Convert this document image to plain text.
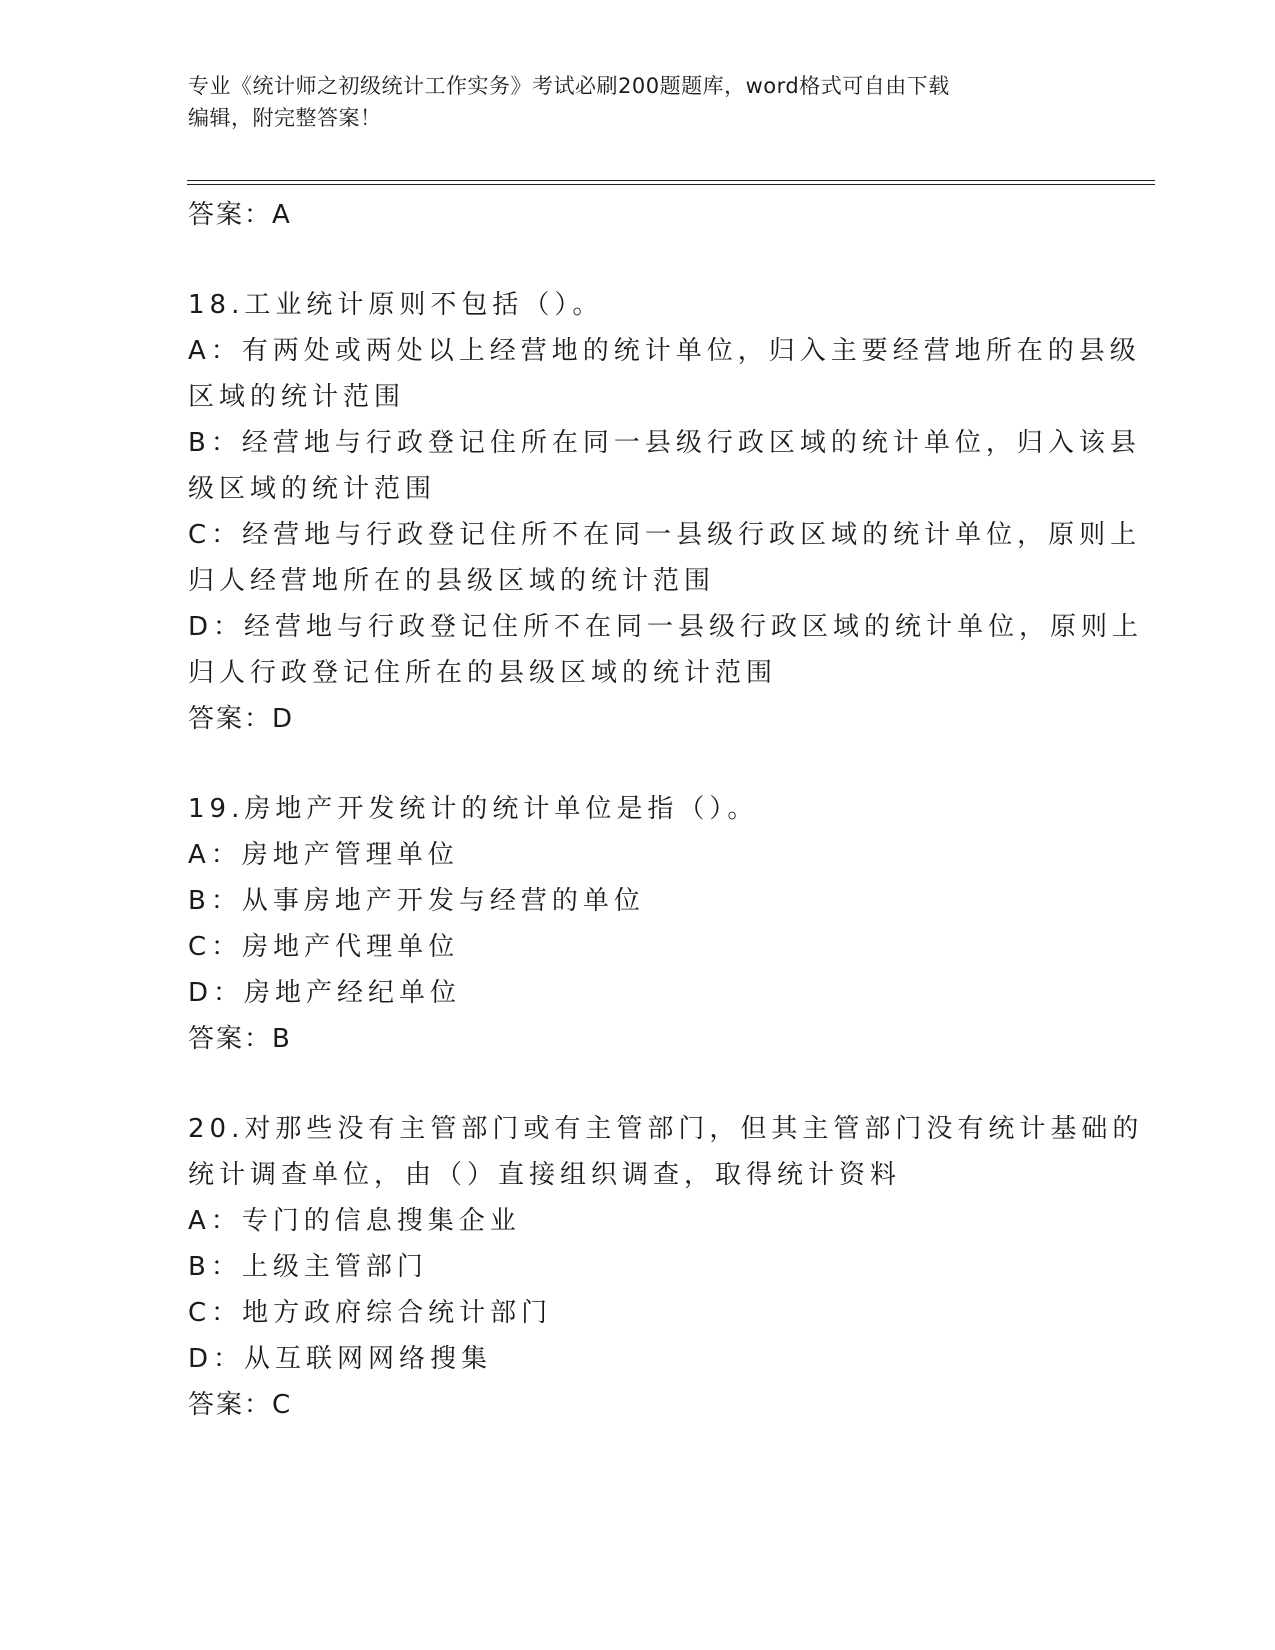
专业《统计师之初级统计工作实务》考试必刷200题题库，word格式可自由下载
编辑，附完整答案！
答案：A
18.工业统计原则不包括（）。
A：有两处或两处以上经营地的统计单位，归入主要经营地所在的县级
区域的统计范围
B：经营地与行政登记住所在同一县级行政区域的统计单位，归入该县
级区域的统计范围
C：经营地与行政登记住所不在同一县级行政区域的统计单位，原则上
归人经营地所在的县级区域的统计范围
D：经营地与行政登记住所不在同一县级行政区域的统计单位，原则上
归人行政登记住所在的县级区域的统计范围
答案：D
19.房地产开发统计的统计单位是指（）。
A：房地产管理单位
B：从事房地产开发与经营的单位
C：房地产代理单位
D：房地产经纪单位
答案：B
20.对那些没有主管部门或有主管部门，但其主管部门没有统计基础的
统计调查单位，由（）直接组织调查，取得统计资料
A：专门的信息搜集企业
B：上级主管部门
C：地方政府综合统计部门
D：从互联网网络搜集
答案：C
